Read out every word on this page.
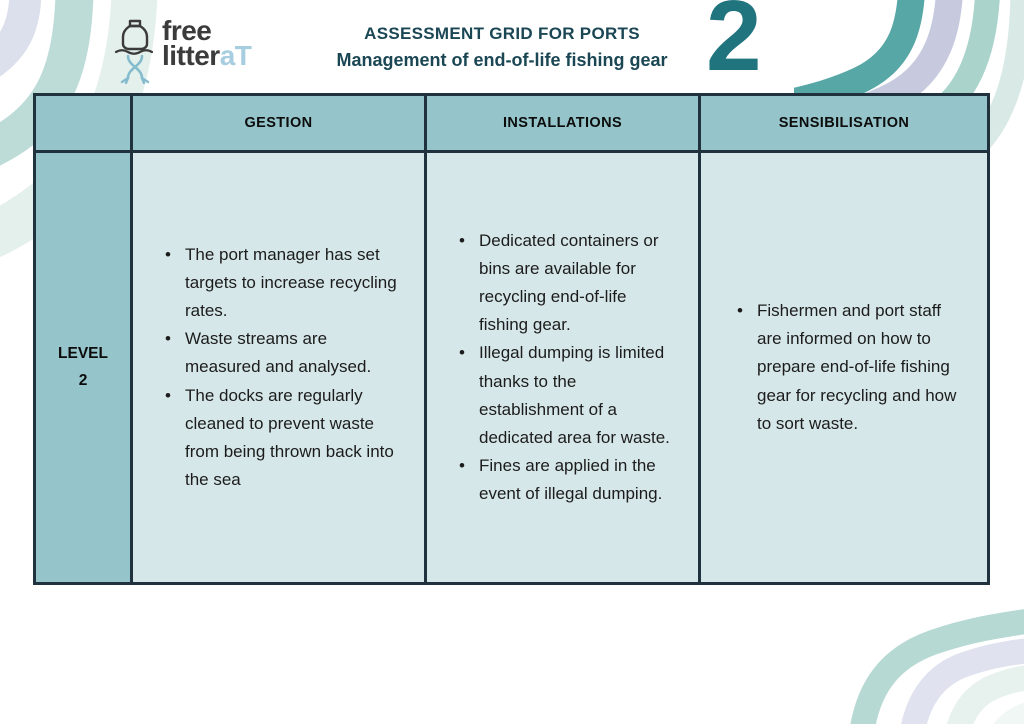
free
litteraT
ASSESSMENT GRID FOR PORTS
Management of end-of-life fishing gear 2
GESTION	INSTALLATIONS	SENSIBILISATION
LEVEL
2
• The port manager has set targets to increase recycling rates.
• Waste streams are measured and analysed.
• The docks are regularly cleaned to prevent waste from being thrown back into the sea
• Dedicated containers or bins are available for recycling end-of-life fishing gear.
• Illegal dumping is limited thanks to the establishment of a dedicated area for waste.
• Fines are applied in the event of illegal dumping.
• Fishermen and port staff are informed on how to prepare end-of-life fishing gear for recycling and how to sort waste.
